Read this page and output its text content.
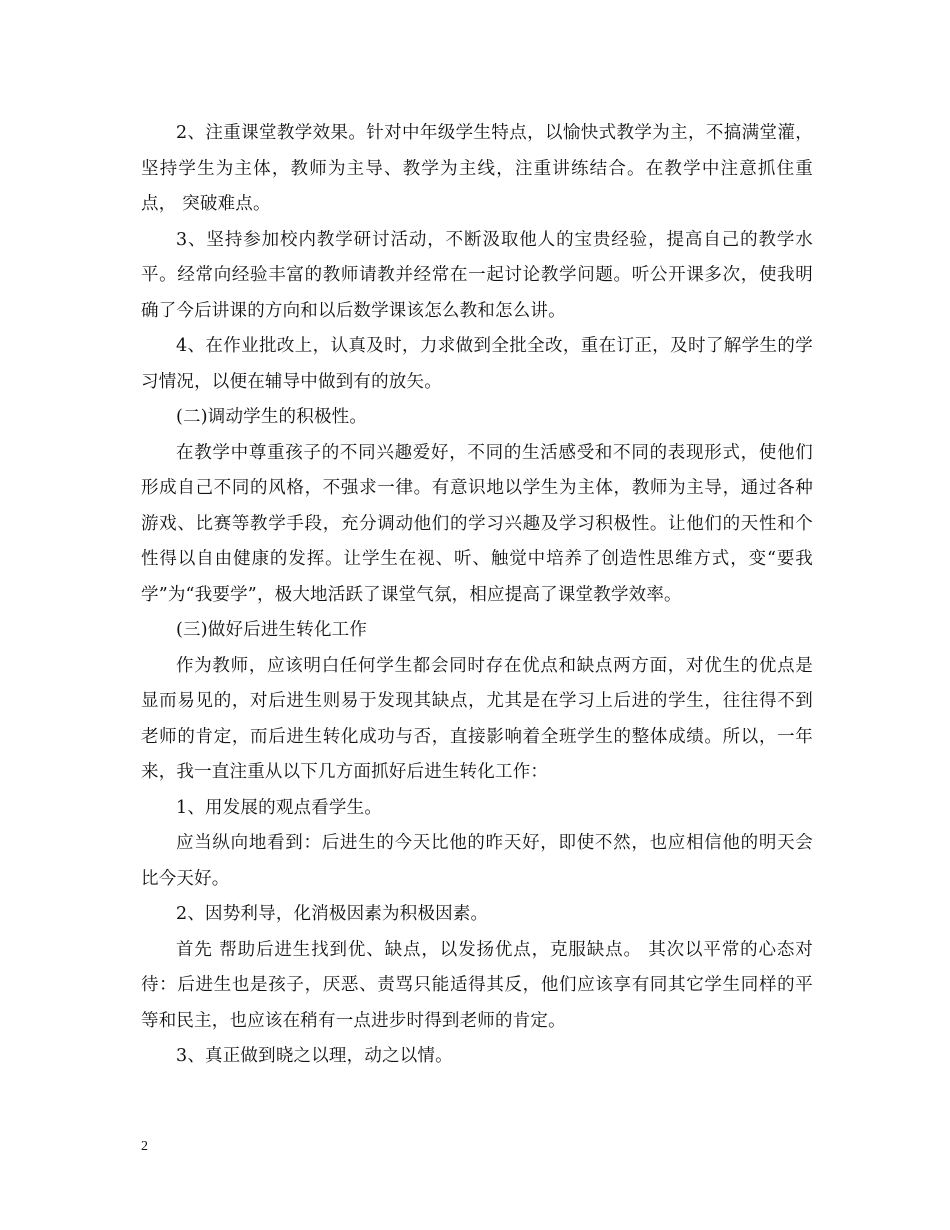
2、注重课堂教学效果。针对中年级学生特点，以愉快式教学为主，不搞满堂灌，坚持学生为主体，教师为主导、教学为主线，注重讲练结合。在教学中注意抓住重点， 突破难点。

3、坚持参加校内教学研讨活动，不断汲取他人的宝贵经验，提高自己的教学水平。经常向经验丰富的教师请教并经常在一起讨论教学问题。听公开课多次，使我明确了今后讲课的方向和以后数学课该怎么教和怎么讲。

4、在作业批改上，认真及时，力求做到全批全改，重在订正，及时了解学生的学习情况，以便在辅导中做到有的放矢。

(二)调动学生的积极性。

在教学中尊重孩子的不同兴趣爱好，不同的生活感受和不同的表现形式，使他们形成自己不同的风格，不强求一律。有意识地以学生为主体，教师为主导，通过各种游戏、比赛等教学手段，充分调动他们的学习兴趣及学习积极性。让他们的天性和个性得以自由健康的发挥。让学生在视、听、触觉中培养了创造性思维方式，变“要我学”为“我要学”，极大地活跃了课堂气氛，相应提高了课堂教学效率。

(三)做好后进生转化工作

作为教师，应该明白任何学生都会同时存在优点和缺点两方面，对优生的优点是显而易见的，对后进生则易于发现其缺点，尤其是在学习上后进的学生，往往得不到老师的肯定，而后进生转化成功与否，直接影响着全班学生的整体成绩。所以，一年来，我一直注重从以下几方面抓好后进生转化工作：

1、用发展的观点看学生。

应当纵向地看到：后进生的今天比他的昨天好，即使不然，也应相信他的明天会比今天好。

2、因势利导，化消极因素为积极因素。

首先 帮助后进生找到优、缺点，以发扬优点，克服缺点。 其次以平常的心态对待：后进生也是孩子，厌恶、责骂只能适得其反，他们应该享有同其它学生同样的平等和民主，也应该在稍有一点进步时得到老师的肯定。

3、真正做到晓之以理，动之以情。

2
